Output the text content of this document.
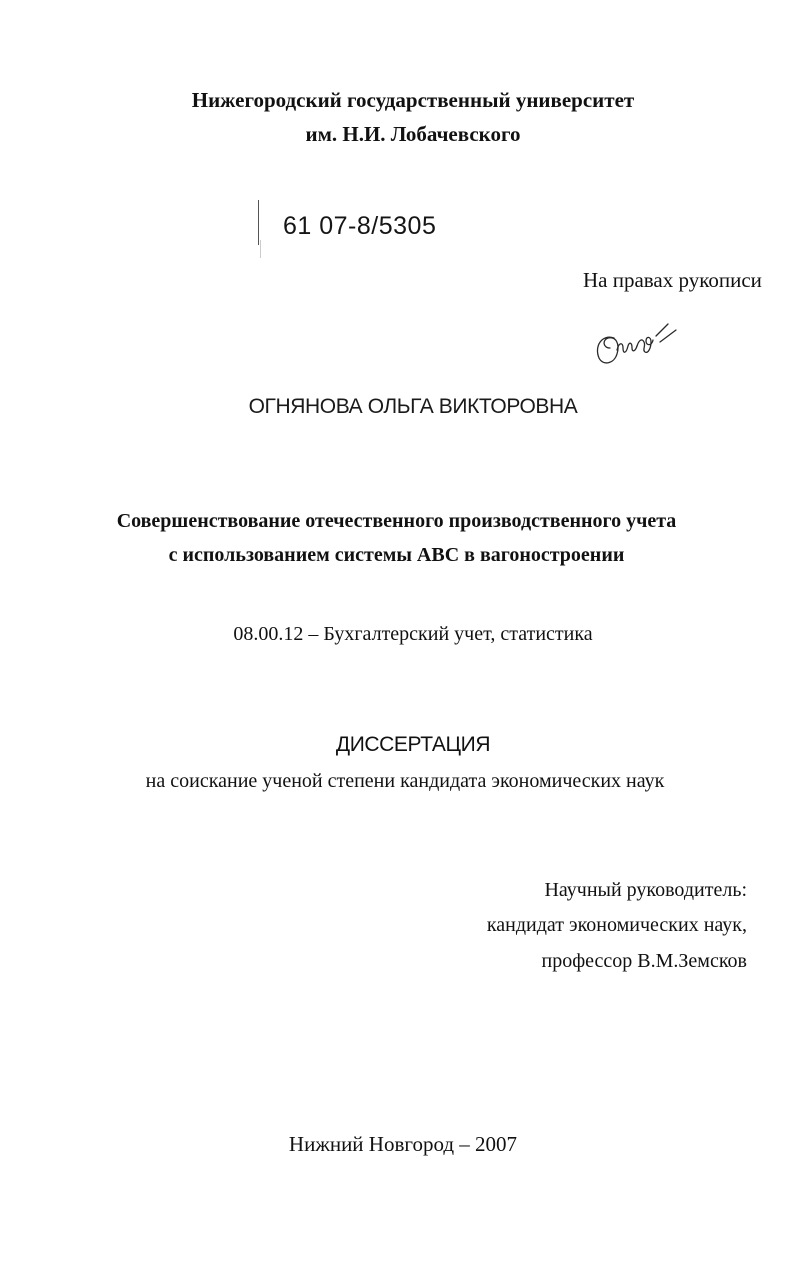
Нижегородский государственный университет
им. Н.И. Лобачевского
61 07-8/5305
На правах рукописи
ОГНЯНОВА ОЛЬГА ВИКТОРОВНА
Совершенствование отечественного производственного учета
с использованием системы АВС в вагоностроении
08.00.12 – Бухгалтерский учет, статистика
ДИССЕРТАЦИЯ
на соискание ученой степени кандидата экономических наук
Научный руководитель:
кандидат экономических наук,
профессор В.М.Земсков
Нижний Новгород – 2007
